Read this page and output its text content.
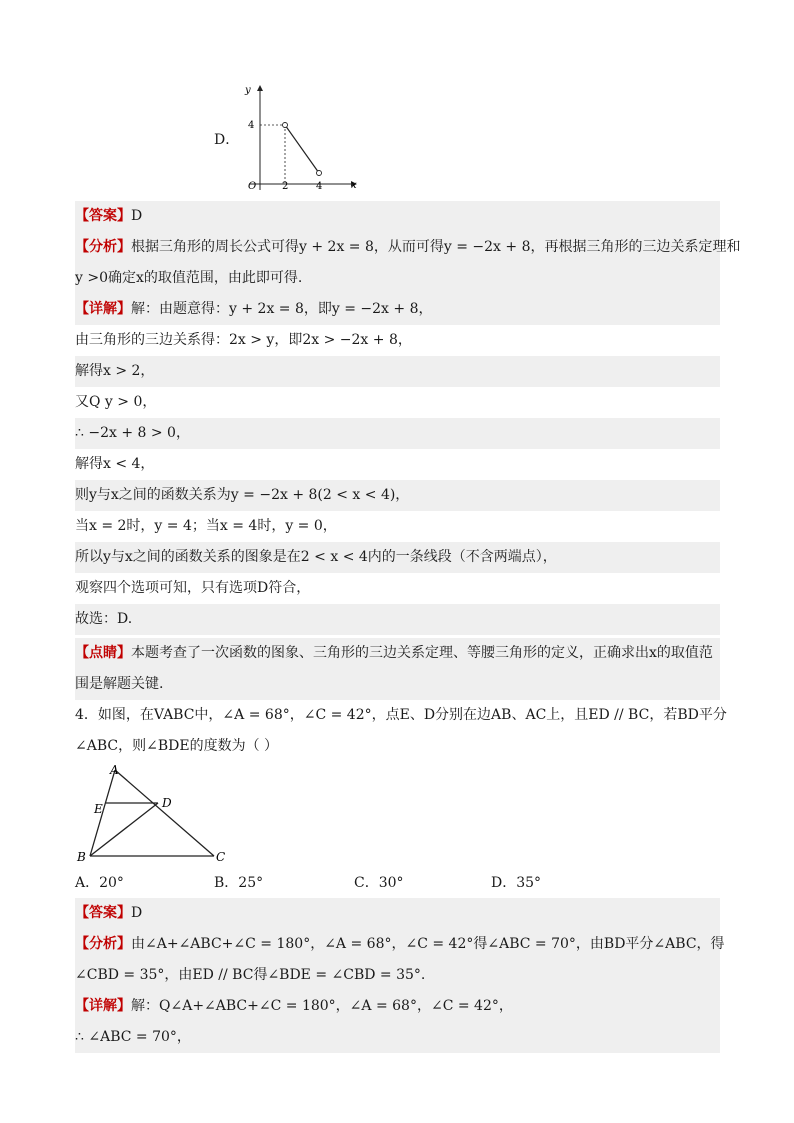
D．
y
x
O
4
2	4
【答案】D
【分析】根据三角形的周长公式可得y + 2x = 8，从而可得y = −2x + 8，再根据三角形的三边关系定理和
y >0确定x的取值范围，由此即可得.
【详解】解：由题意得：y + 2x = 8，即y = −2x + 8，
由三角形的三边关系得：2x > y，即2x > −2x + 8，
解得x > 2，
又Q y > 0，
∴ −2x + 8 > 0，
解得x < 4，
则y与x之间的函数关系为y = −2x + 8(2 < x < 4)，
当x = 2时，y = 4；当x = 4时，y = 0，
所以y与x之间的函数关系的图象是在2 < x < 4内的一条线段（不含两端点），
观察四个选项可知，只有选项D符合，
故选：D.
【点睛】本题考查了一次函数的图象、三角形的三边关系定理、等腰三角形的定义，正确求出x的取值范
围是解题关键.
4．如图，在VABC中，∠A = 68°，∠C = 42°，点E、D分别在边AB、AC上，且ED // BC，若BD平分
∠ABC，则∠BDE的度数为（ ）
A
E	D
B	C
A．20°	B．25°	C．30°	D．35°
【答案】D
【分析】由∠A+∠ABC+∠C = 180°，∠A = 68°，∠C = 42°得∠ABC = 70°，由BD平分∠ABC，得
∠CBD = 35°，由ED // BC得∠BDE = ∠CBD = 35°.
【详解】解：Q∠A+∠ABC+∠C = 180°，∠A = 68°，∠C = 42°，
∴ ∠ABC = 70°，
